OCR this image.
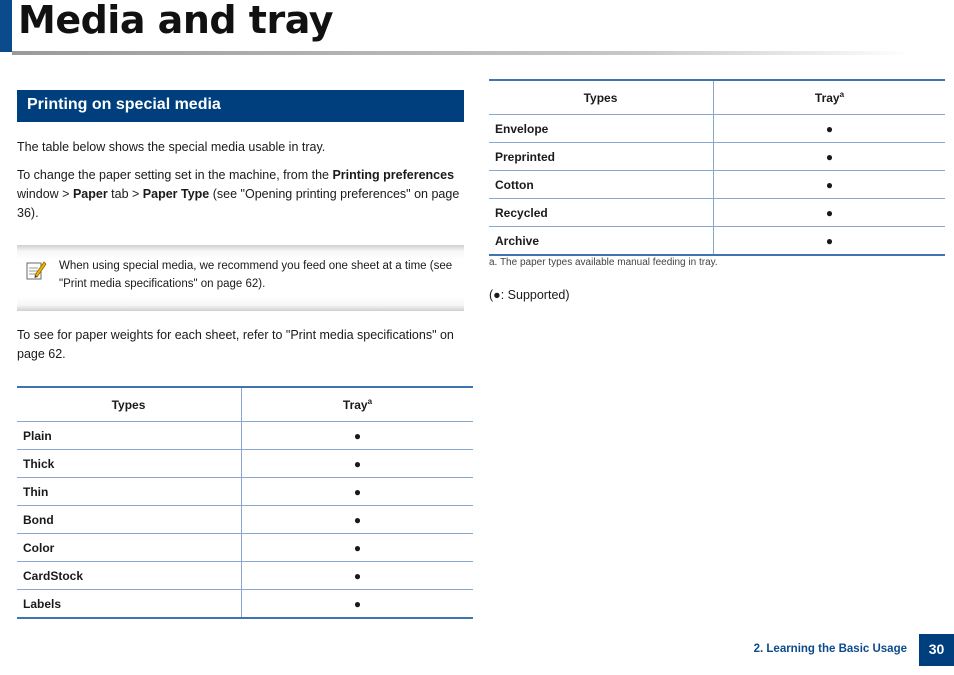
Media and tray
Printing on special media

The table below shows the special media usable in tray.

To change the paper setting set in the machine, from the Printing preferences window > Paper tab > Paper Type (see "Opening printing preferences" on page 36).

When using special media, we recommend you feed one sheet at a time (see "Print media specifications" on page 62).

To see for paper weights for each sheet, refer to "Print media specifications" on page 62.

Types	Tray$^a$
Plain	●
Thick	●
Thin	●
Bond	●
Color	●
CardStock	●
Labels	●
Types	Tray$^a$
Envelope	●
Preprinted	●
Cotton	●
Recycled	●
Archive	●
a. The paper types available manual feeding in tray.
(●: Supported)
2. Learning the Basic Usage	30
